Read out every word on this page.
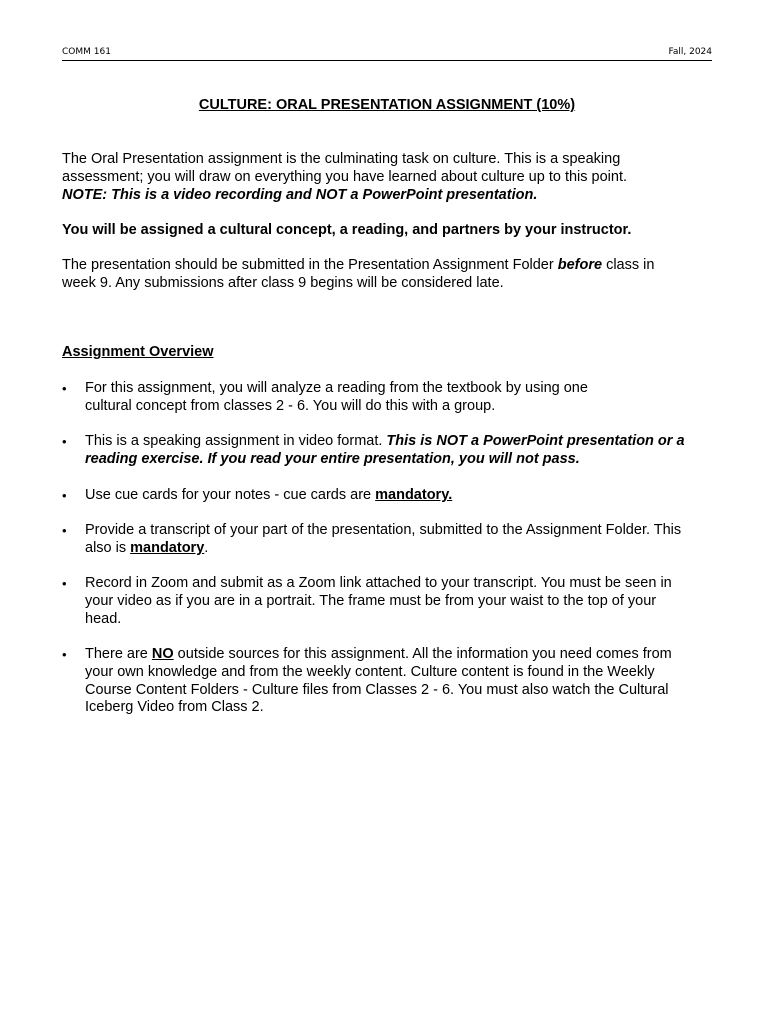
COMM 161	Fall, 2024
CULTURE: ORAL PRESENTATION ASSIGNMENT (10%)
The Oral Presentation assignment is the culminating task on culture. This is a speaking
assessment; you will draw on everything you have learned about culture up to this point.
NOTE: This is a video recording and NOT a PowerPoint presentation.
You will be assigned a cultural concept, a reading, and partners by your instructor.
The presentation should be submitted in the Presentation Assignment Folder before class in
week 9. Any submissions after class 9 begins will be considered late.
Assignment Overview
•	For this assignment, you will analyze a reading from the textbook by using one
cultural concept from classes 2 - 6. You will do this with a group.
•	This is a speaking assignment in video format. This is NOT a PowerPoint presentation or a
reading exercise. If you read your entire presentation, you will not pass.
•	Use cue cards for your notes - cue cards are mandatory.
•	Provide a transcript of your part of the presentation, submitted to the Assignment Folder. This
also is mandatory.
•	Record in Zoom and submit as a Zoom link attached to your transcript. You must be seen in
your video as if you are in a portrait. The frame must be from your waist to the top of your
head.
•	There are NO outside sources for this assignment. All the information you need comes from
your own knowledge and from the weekly content. Culture content is found in the Weekly
Course Content Folders - Culture files from Classes 2 - 6. You must also watch the Cultural
Iceberg Video from Class 2.
